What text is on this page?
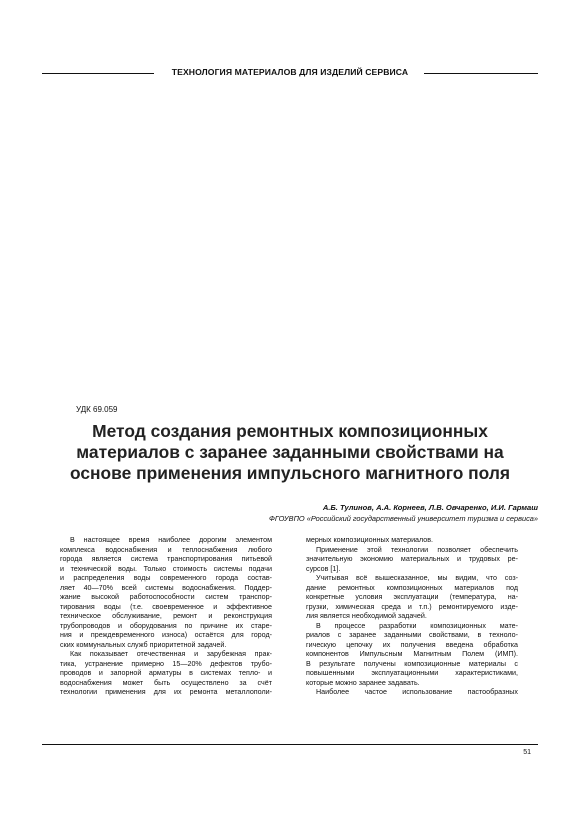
ТЕХНОЛОГИЯ МАТЕРИАЛОВ ДЛЯ ИЗДЕЛИЙ СЕРВИСА
УДК 69.059
Метод создания ремонтных композиционных
материалов с заранее заданными свойствами на
основе применения импульсного магнитного поля
А.Б. Тулинов, А.А. Корнеев, Л.В. Овчаренко, И.И. Гармаш
ФГОУВПО «Российский государственный университет туризма и сервиса»
В настоящее время наиболее дорогим элементом
комплекса водоснабжения и теплоснабжения любого
города является система транспортирования питьевой
и технической воды. Только стоимость системы подачи
и распределения воды современного города состав-
ляет 40—70% всей системы водоснабжения. Поддер-
жание высокой работоспособности систем транспор-
тирования воды (т.е. своевременное и эффективное
техническое обслуживание, ремонт и реконструкция
трубопроводов и оборудования по причине их старе-
ния и преждевременного износа) остаётся для город-
ских коммунальных служб приоритетной задачей.
Как показывает отечественная и зарубежная прак-
тика, устранение примерно 15—20% дефектов трубо-
проводов и запорной арматуры в системах тепло- и
водоснабжения может быть осуществлено за счёт
технологии применения для их ремонта металлополи-
мерных композиционных материалов.
Применение этой технологии позволяет обеспечить
значительную экономию материальных и трудовых ре-
сурсов [1].
Учитывая всё вышесказанное, мы видим, что соз-
дание ремонтных композиционных материалов под
конкретные условия эксплуатации (температура, на-
грузки, химическая среда и т.п.) ремонтируемого изде-
лия является необходимой задачей.
В процессе разработки композиционных мате-
риалов с заранее заданными свойствами, в техноло-
гическую цепочку их получения введена обработка
компонентов Импульсным Магнитным Полем (ИМП).
В результате получены композиционные материалы с
повышенными эксплуатационными характеристиками,
которые можно заранее задавать.
Наиболее частое использование пастообразных
51
